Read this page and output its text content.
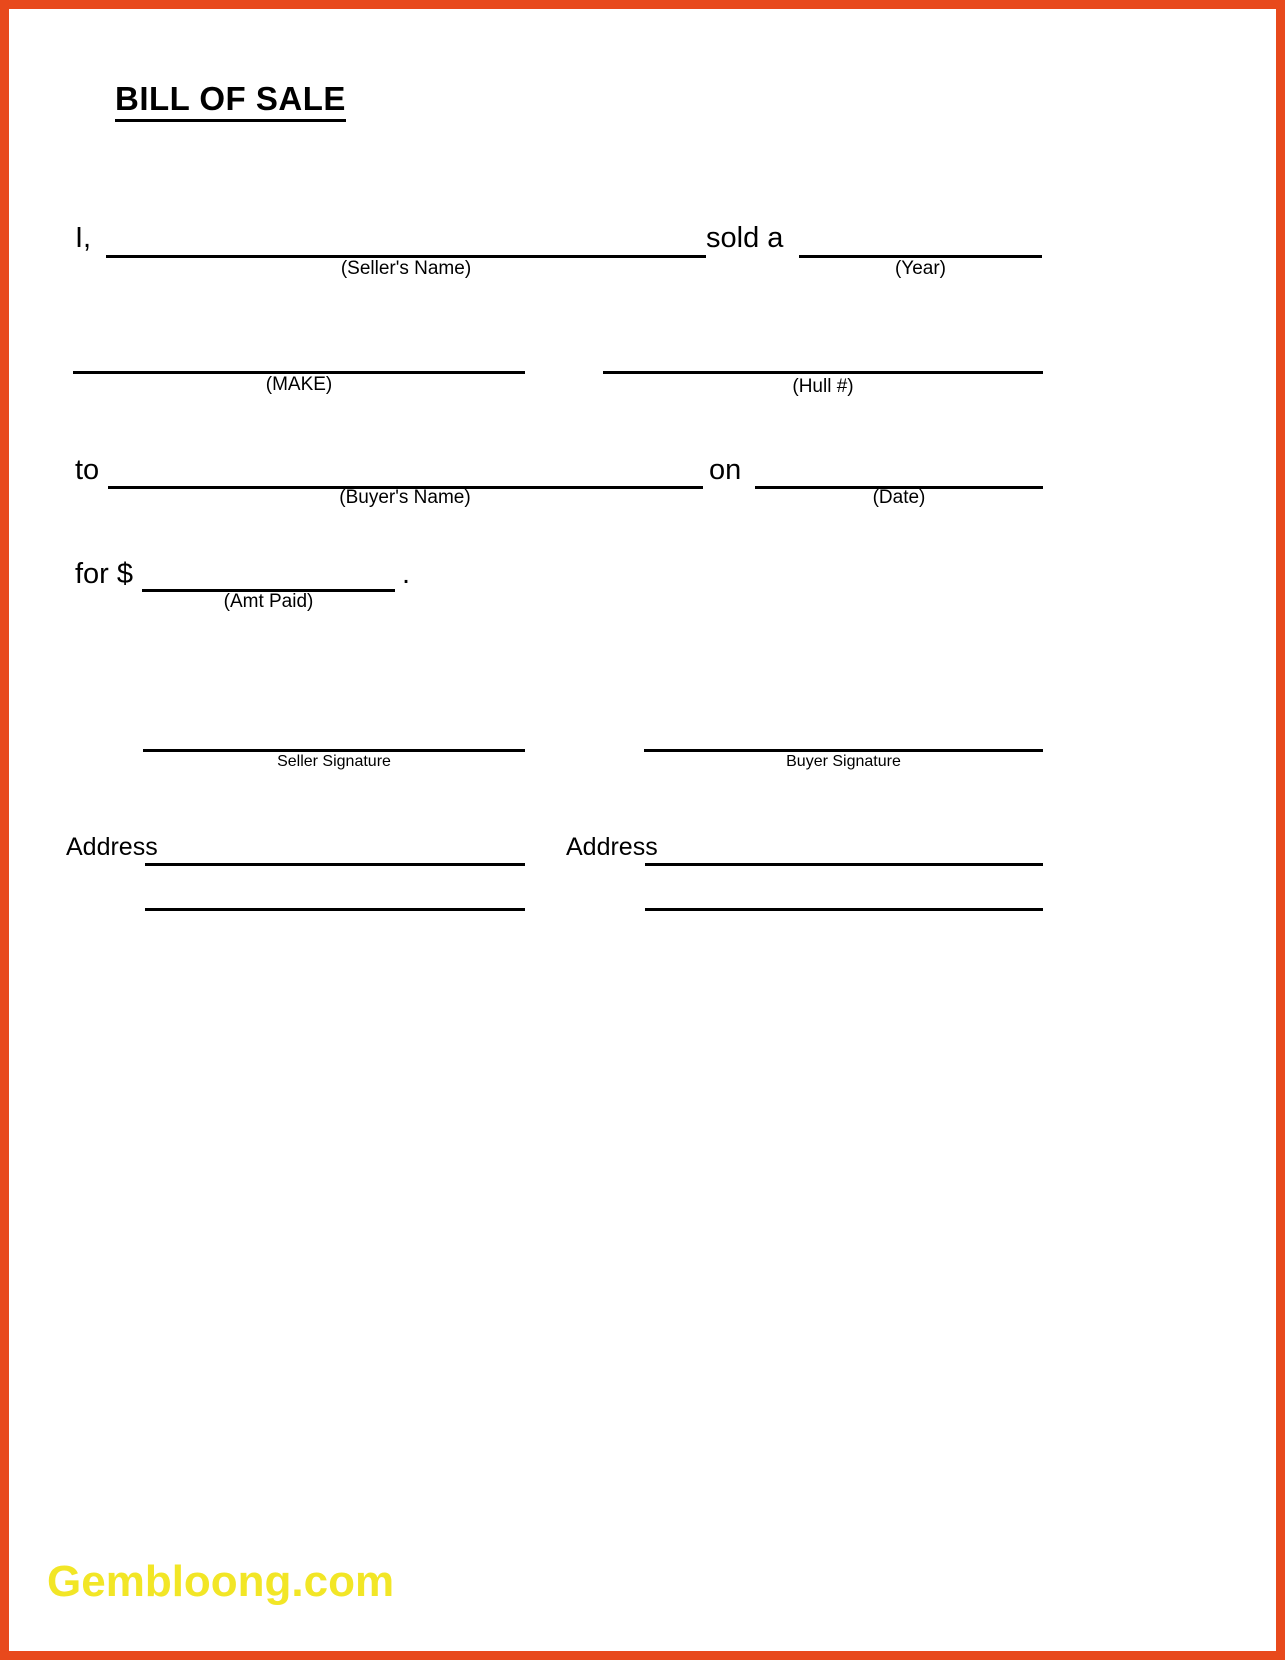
BILL OF SALE
I,
(Seller's Name)
sold a
(Year)
(MAKE)	(Hull #)
to
(Buyer's Name)
on
(Date)
for $	.
(Amt Paid)
Seller Signature	Buyer Signature
Address	Address
Gembloong.com
